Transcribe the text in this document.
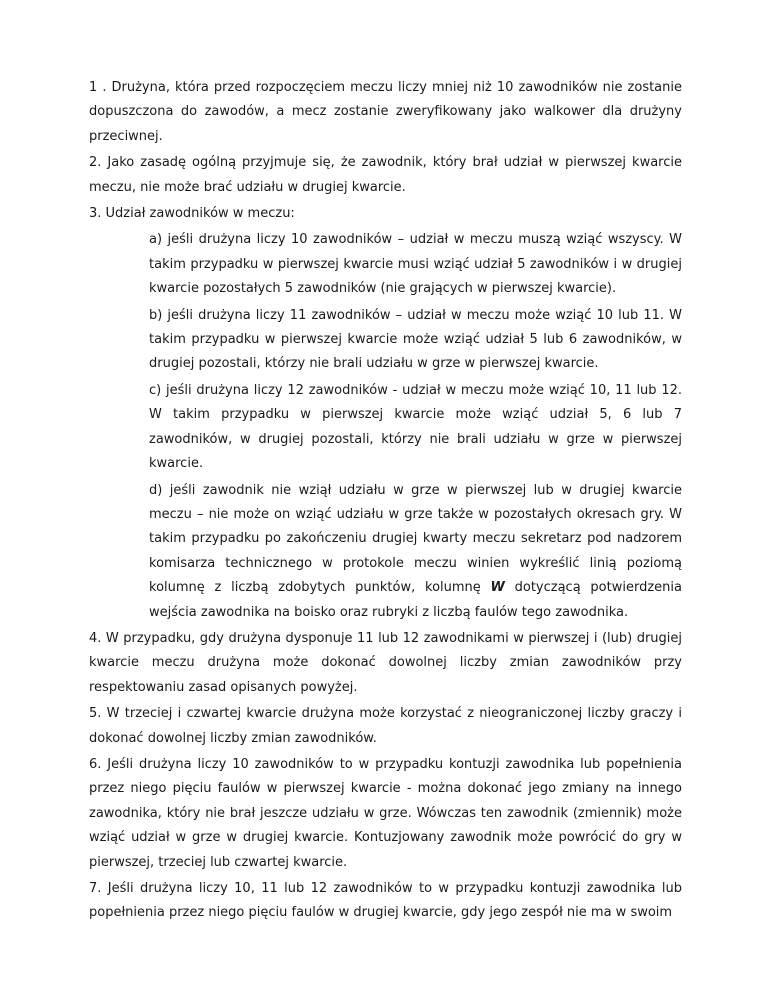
1 . Drużyna, która przed rozpoczęciem meczu liczy mniej niż 10 zawodników nie zostanie dopuszczona do zawodów, a mecz zostanie zweryfikowany jako walkower dla drużyny przeciwnej.

2. Jako zasadę ogólną przyjmuje się, że zawodnik, który brał udział w pierwszej kwarcie meczu, nie może brać udziału w drugiej kwarcie.

3. Udział zawodników w meczu:

a) jeśli drużyna liczy 10 zawodników – udział w meczu muszą wziąć wszyscy. W takim przypadku w pierwszej kwarcie musi wziąć udział 5 zawodników i w drugiej kwarcie pozostałych 5 zawodników (nie grających w pierwszej kwarcie).

b) jeśli drużyna liczy 11 zawodników – udział w meczu może wziąć 10 lub 11. W takim przypadku w pierwszej kwarcie może wziąć udział 5 lub 6 zawodników, w drugiej pozostali, którzy nie brali udziału w grze w pierwszej kwarcie.

c) jeśli drużyna liczy 12 zawodników - udział w meczu może wziąć 10, 11 lub 12. W takim przypadku w pierwszej kwarcie może wziąć udział 5, 6 lub 7 zawodników, w drugiej pozostali, którzy nie brali udziału w grze w pierwszej kwarcie.

d) jeśli zawodnik nie wziął udziału w grze w pierwszej lub w drugiej kwarcie meczu – nie może on wziąć udziału w grze także w pozostałych okresach gry. W takim przypadku po zakończeniu drugiej kwarty meczu sekretarz pod nadzorem komisarza technicznego w protokole meczu winien wykreślić linią poziomą kolumnę z liczbą zdobytych punktów, kolumnę W dotyczącą potwierdzenia wejścia zawodnika na boisko oraz rubryki z liczbą faulów tego zawodnika.

4. W przypadku, gdy drużyna dysponuje 11 lub 12 zawodnikami w pierwszej i (lub) drugiej kwarcie meczu drużyna może dokonać dowolnej liczby zmian zawodników przy respektowaniu zasad opisanych powyżej.

5. W trzeciej i czwartej kwarcie drużyna może korzystać z nieograniczonej liczby graczy i dokonać dowolnej liczby zmian zawodników.

6. Jeśli drużyna liczy 10 zawodników to w przypadku kontuzji zawodnika lub popełnienia przez niego pięciu faulów w pierwszej kwarcie - można dokonać jego zmiany na innego zawodnika, który nie brał jeszcze udziału w grze. Wówczas ten zawodnik (zmiennik) może wziąć udział w grze w drugiej kwarcie. Kontuzjowany zawodnik może powrócić do gry w pierwszej, trzeciej lub czwartej kwarcie.

7. Jeśli drużyna liczy 10, 11 lub 12 zawodników to w przypadku kontuzji zawodnika lub popełnienia przez niego pięciu faulów w drugiej kwarcie, gdy jego zespół nie ma w swoim
